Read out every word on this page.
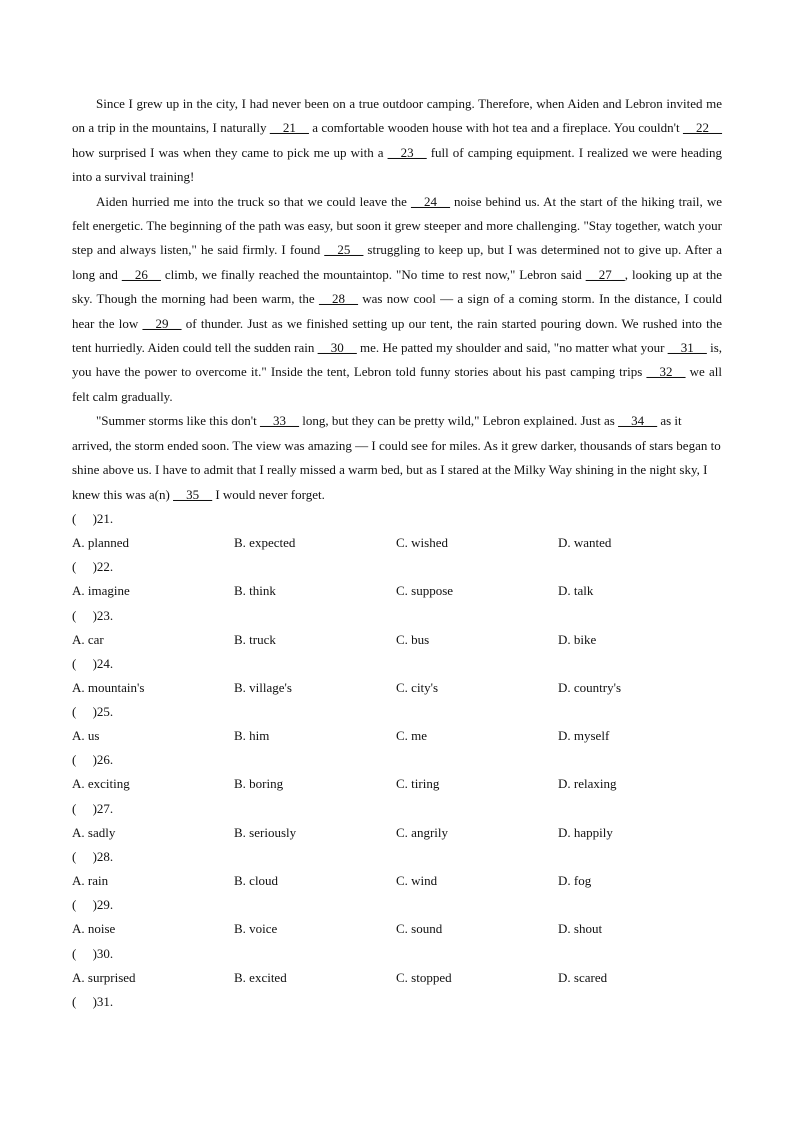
Since I grew up in the city, I had never been on a true outdoor camping. Therefore, when Aiden and Lebron invited me on a trip in the mountains, I naturally __21__ a comfortable wooden house with hot tea and a fireplace. You couldn't __22__ how surprised I was when they came to pick me up with a __23__ full of camping equipment. I realized we were heading into a survival training!

Aiden hurried me into the truck so that we could leave the __24__ noise behind us. At the start of the hiking trail, we felt energetic. The beginning of the path was easy, but soon it grew steeper and more challenging. "Stay together, watch your step and always listen," he said firmly. I found __25__ struggling to keep up, but I was determined not to give up. After a long and __26__ climb, we finally reached the mountaintop. "No time to rest now," Lebron said __27__, looking up at the sky. Though the morning had been warm, the __28__ was now cool — a sign of a coming storm. In the distance, I could hear the low __29__ of thunder. Just as we finished setting up our tent, the rain started pouring down. We rushed into the tent hurriedly. Aiden could tell the sudden rain __30__ me. He patted my shoulder and said, "no matter what your __31__ is, you have the power to overcome it." Inside the tent, Lebron told funny stories about his past camping trips __32__ we all felt calm gradually.

"Summer storms like this don't __33__ long, but they can be pretty wild," Lebron explained. Just as __34__ as it arrived, the storm ended soon. The view was amazing — I could see for miles. As it grew darker, thousands of stars began to shine above us. I have to admit that I really missed a warm bed, but as I stared at the Milky Way shining in the night sky, I knew this was a(n) __35__ I would never forget.

(     )21.
A. planned	B. expected	C. wished	D. wanted
(     )22.
A. imagine	B. think	C. suppose	D. talk
(     )23.
A. car	B. truck	C. bus	D. bike
(     )24.
A. mountain's	B. village's	C. city's	D. country's
(     )25.
A. us	B. him	C. me	D. myself
(     )26.
A. exciting	B. boring	C. tiring	D. relaxing
(     )27.
A. sadly	B. seriously	C. angrily	D. happily
(     )28.
A. rain	B. cloud	C. wind	D. fog
(     )29.
A. noise	B. voice	C. sound	D. shout
(     )30.
A. surprised	B. excited	C. stopped	D. scared
(     )31.
